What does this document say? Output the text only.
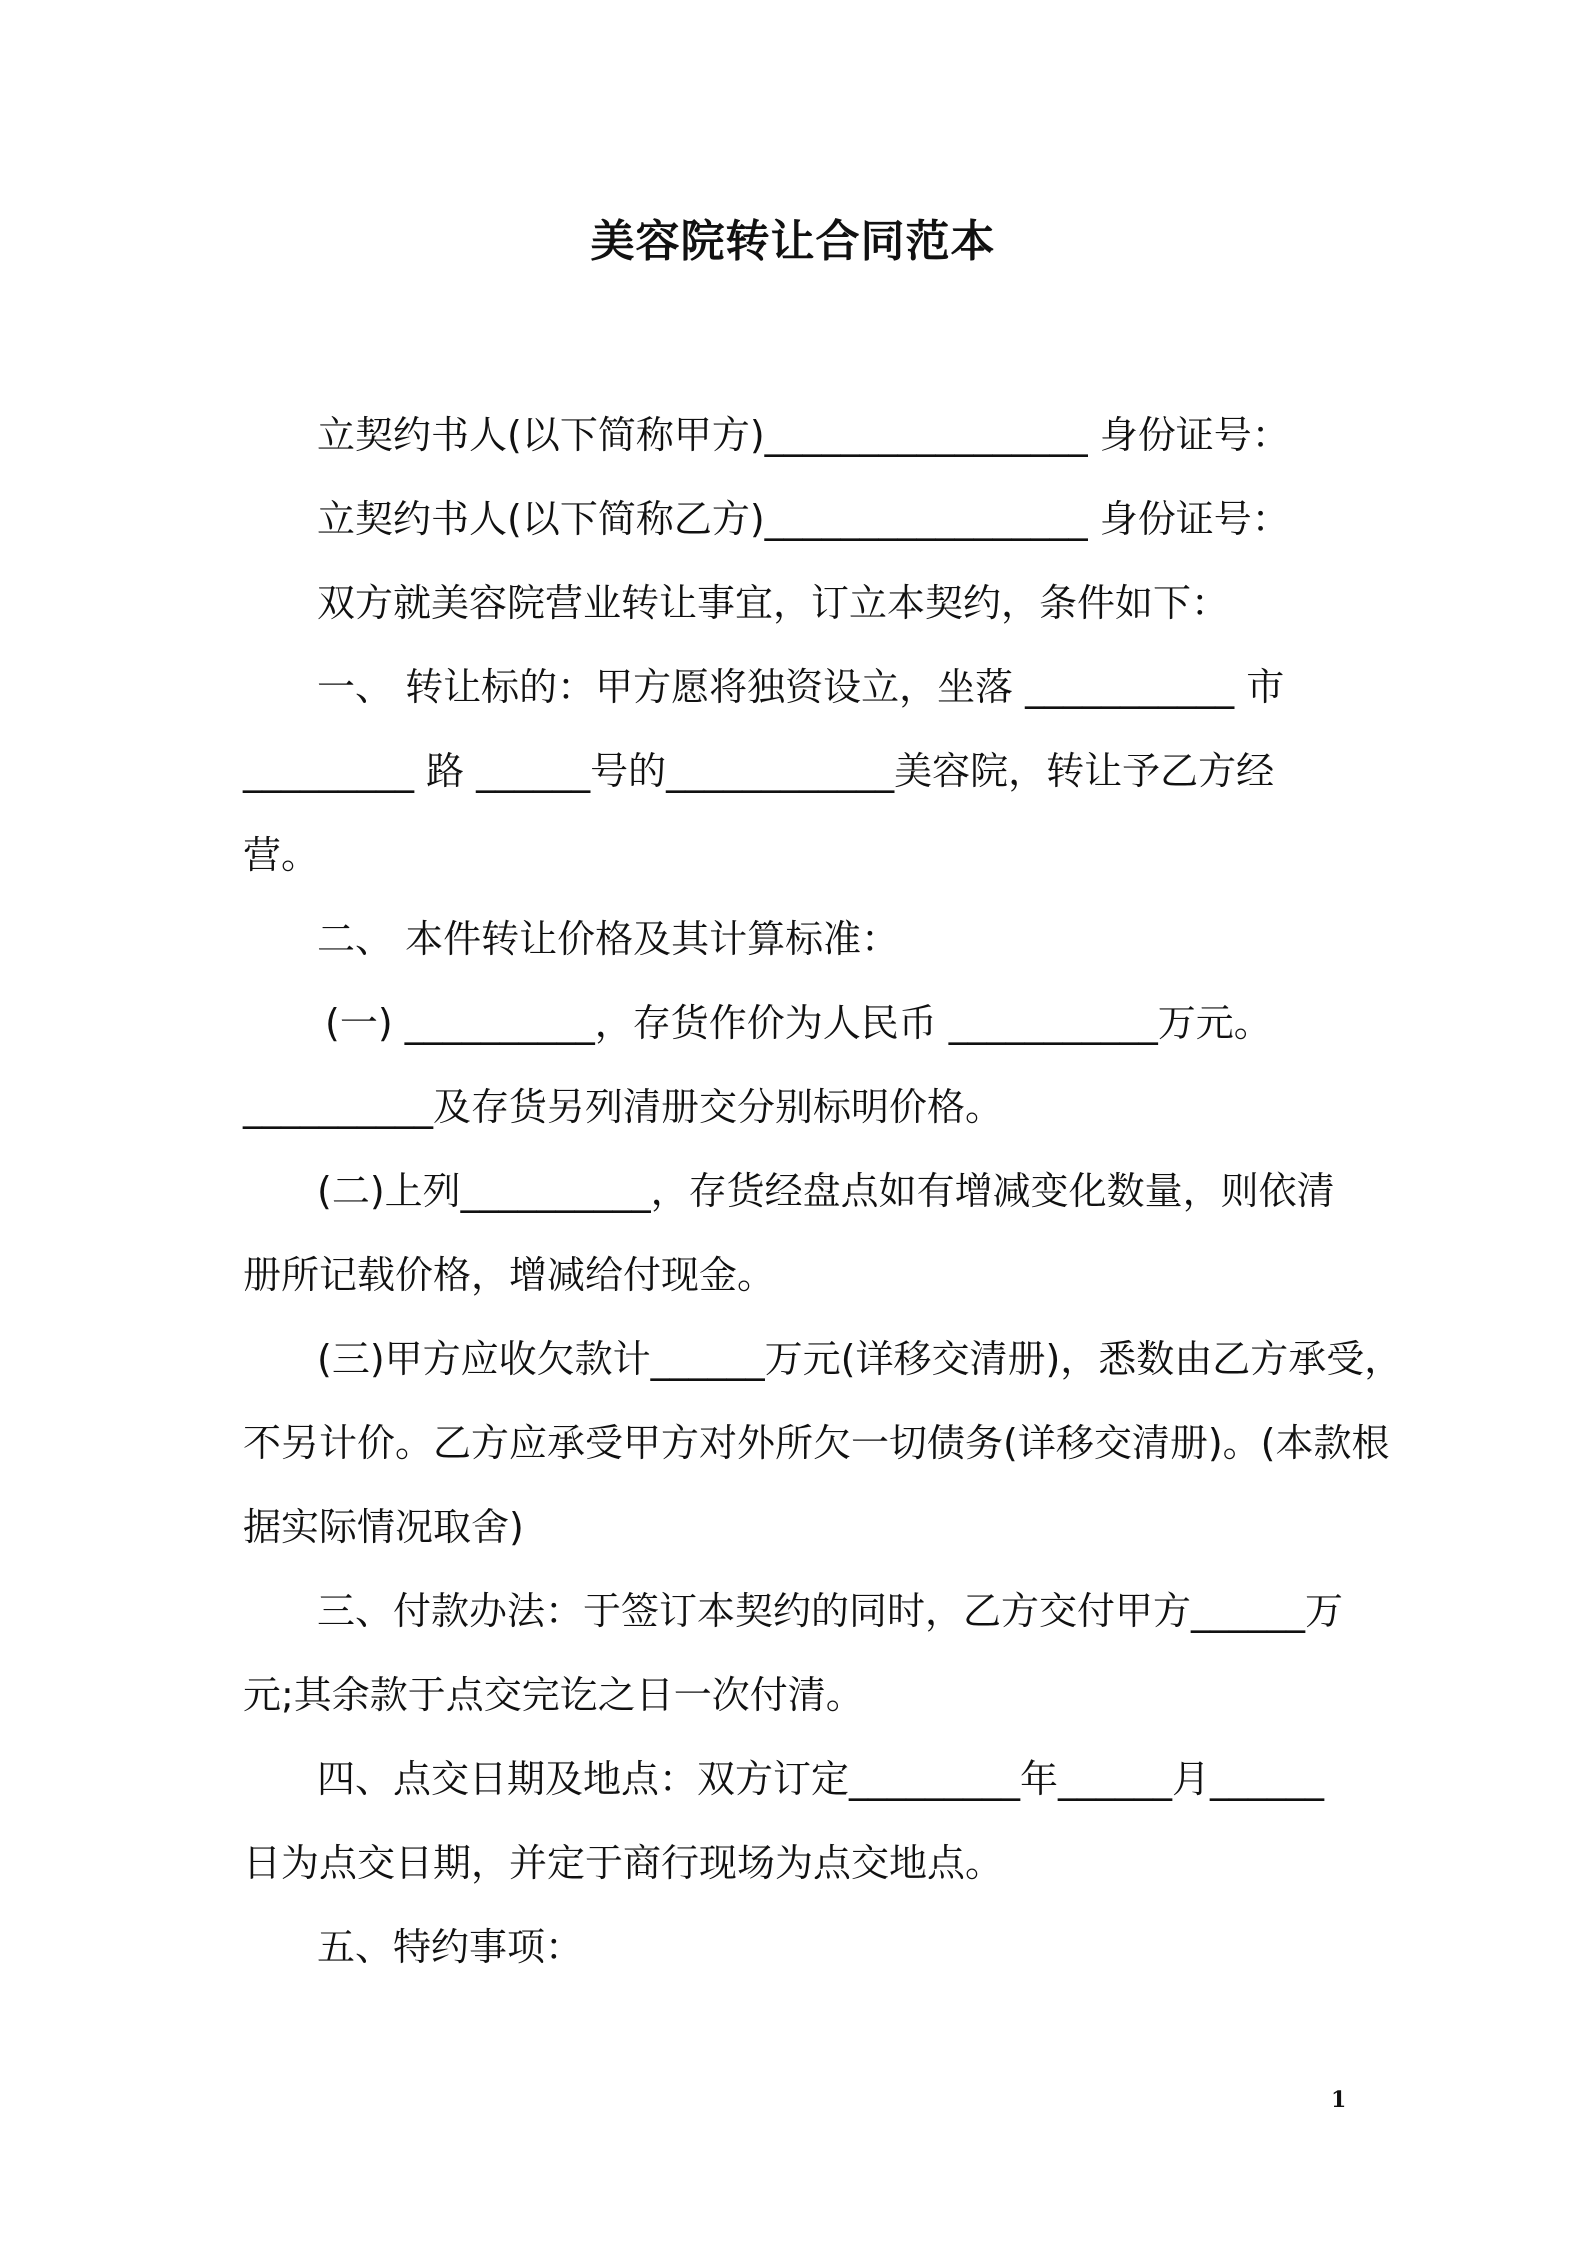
美容院转让合同范本
立契约书人(以下简称甲方)_________________ 身份证号：
立契约书人(以下简称乙方)_________________ 身份证号：
双方就美容院营业转让事宜，订立本契约，条件如下：
一、 转让标的：甲方愿将独资设立，坐落 ___________ 市
_________ 路 ______号的____________美容院，转让予乙方经
营。
二、 本件转让价格及其计算标准：
(一) __________，存货作价为人民币 ___________万元。
__________及存货另列清册交分别标明价格。
(二)上列__________，存货经盘点如有增减变化数量，则依清
册所记载价格，增减给付现金。
(三)甲方应收欠款计______万元(详移交清册)，悉数由乙方承受，
不另计价。乙方应承受甲方对外所欠一切债务(详移交清册)。(本款根
据实际情况取舍)
三、付款办法：于签订本契约的同时，乙方交付甲方______万
元;其余款于点交完讫之日一次付清。
四、点交日期及地点：双方订定_________年______月______
日为点交日期，并定于商行现场为点交地点。
五、特约事项：
1
